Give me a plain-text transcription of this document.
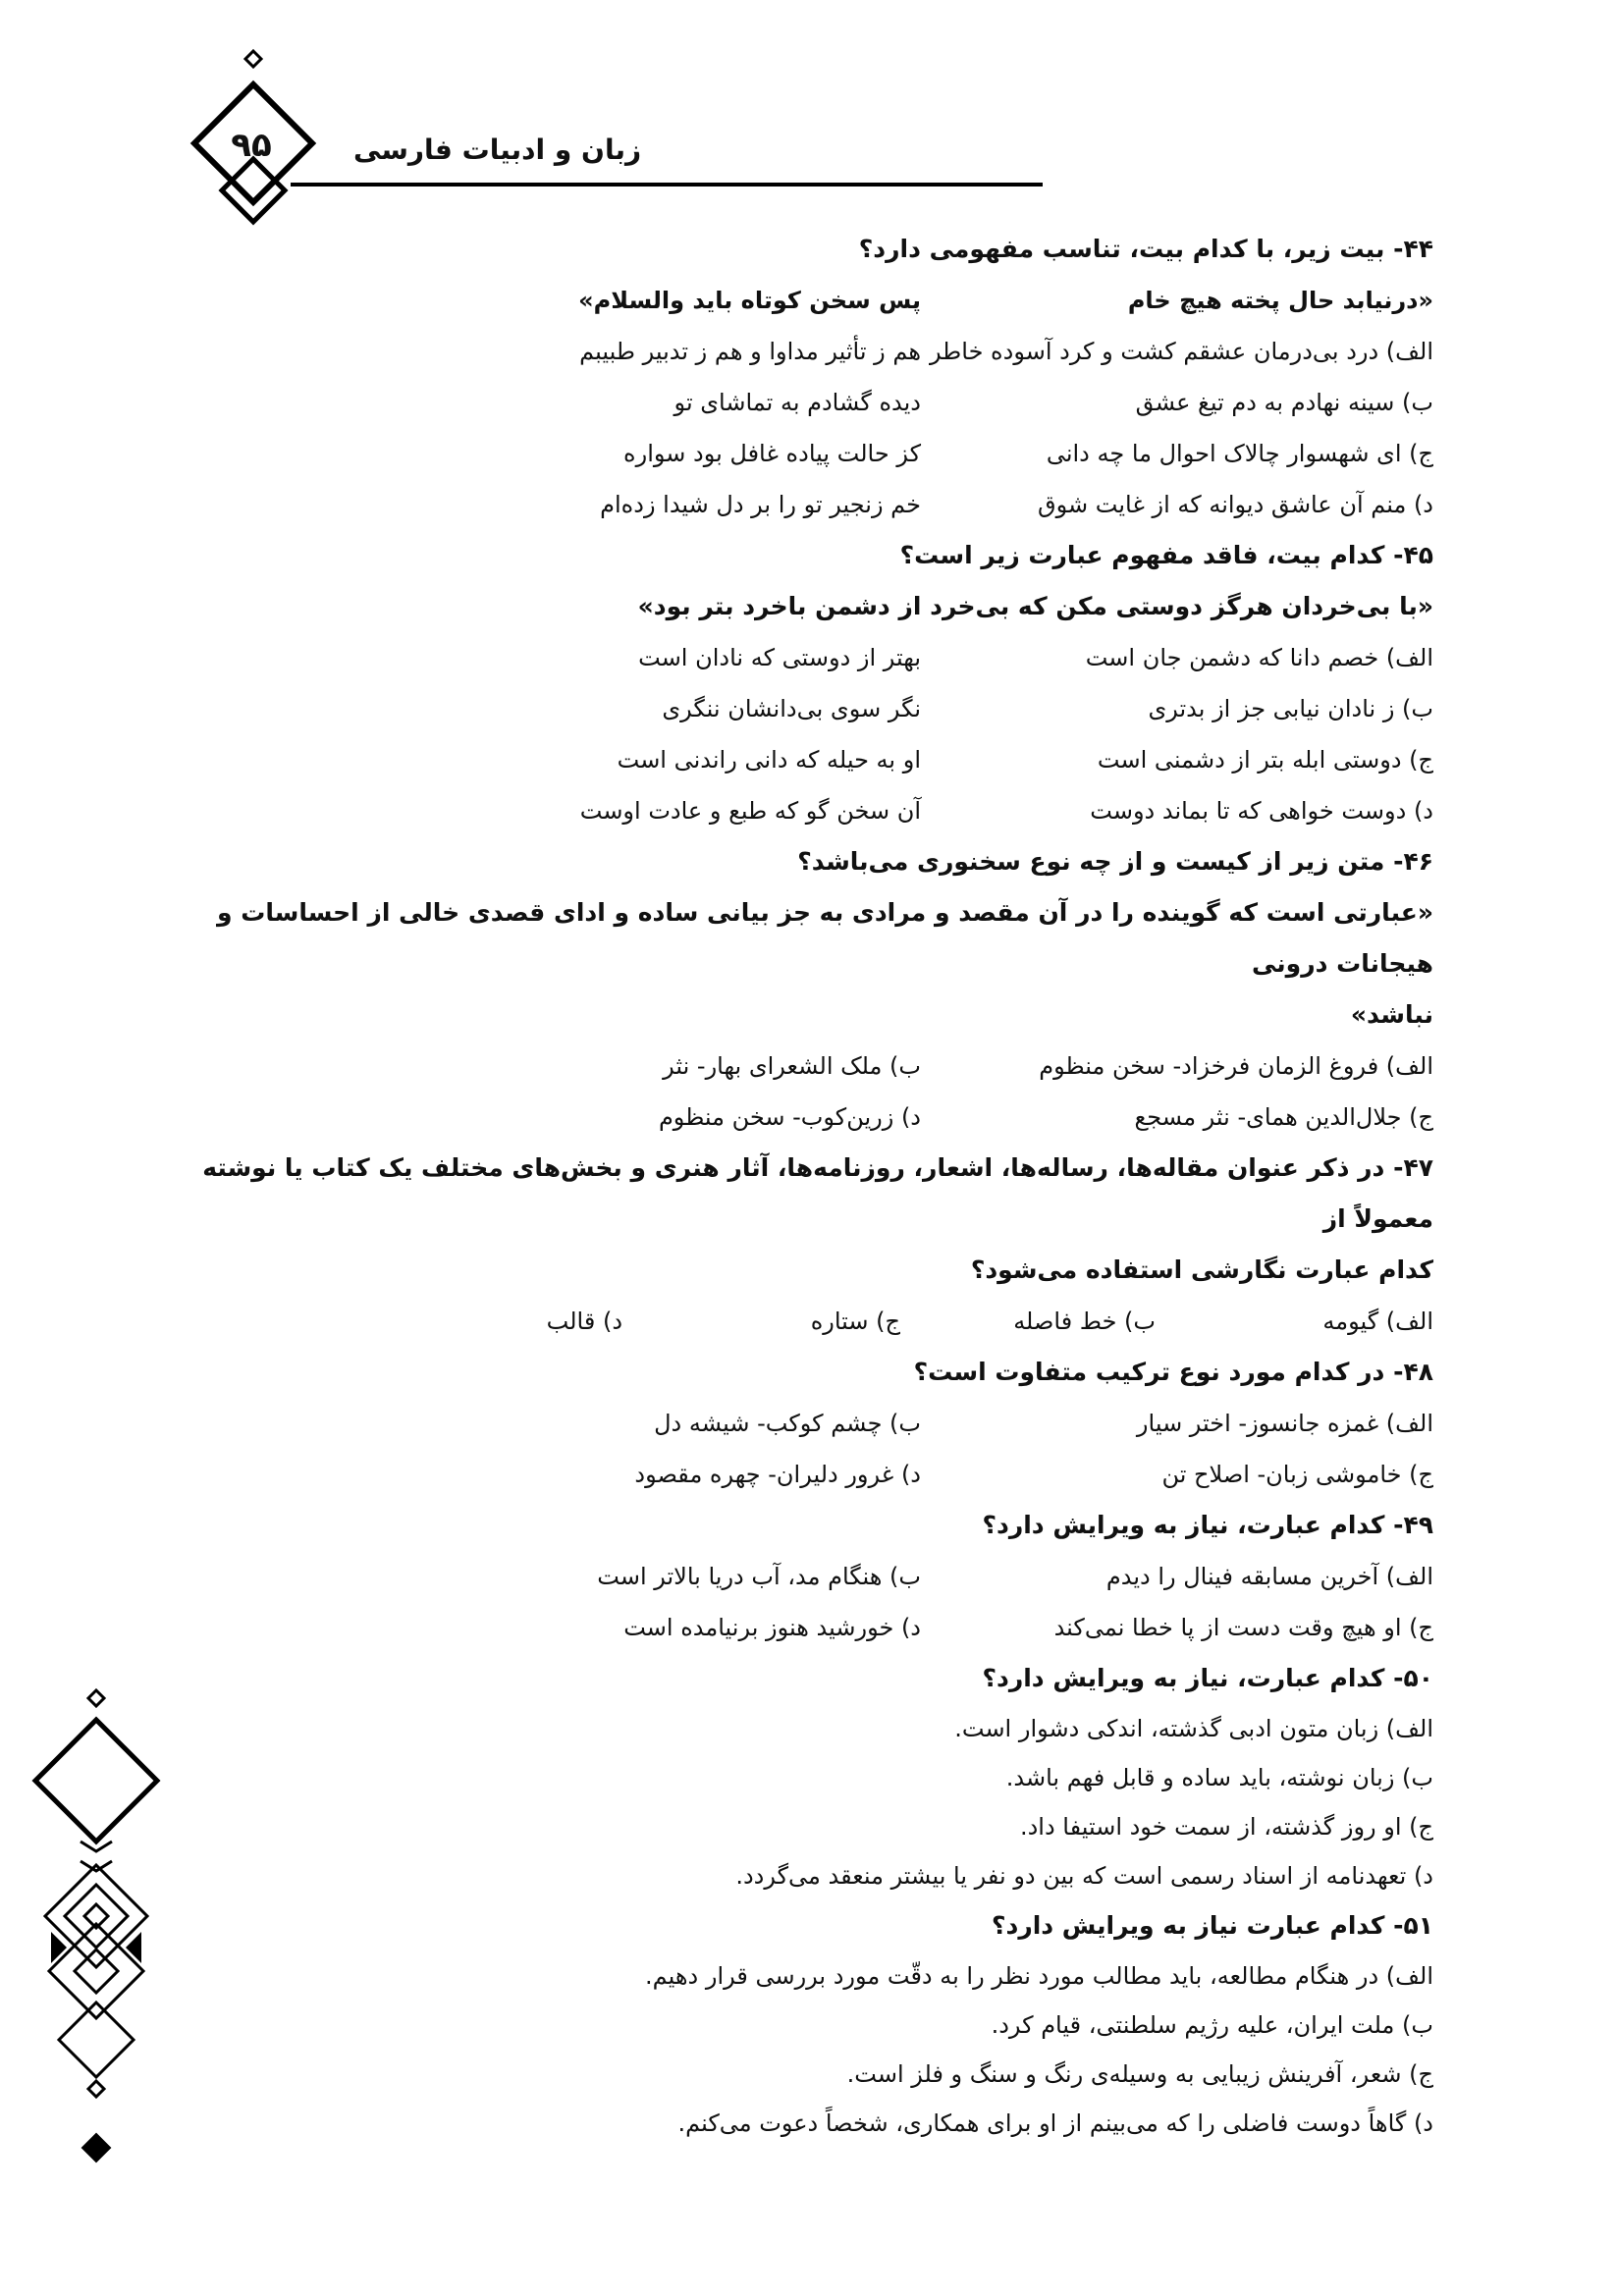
۹۵	زبان و ادبیات فارسی
۴۴- بیت زیر، با کدام بیت، تناسب مفهومی دارد؟
«درنیابد حال پخته هیچ خام
پس سخن کوتاه باید والسلام»
الف) درد بی‌درمان عشقم کشت و کرد آسوده خاطر
هم ز تأثیر مداوا و هم ز تدبیر طبیبم
ب) سینه نهادم به دم تیغ عشق
دیده گشادم به تماشای تو
ج) ای شهسوار چالاک احوال ما چه دانی
کز حالت پیاده غافل بود سواره
د) منم آن عاشق دیوانه که از غایت شوق
خم زنجیر تو را بر دل شیدا زده‌ام
۴۵- کدام بیت، فاقد مفهوم عبارت زیر است؟
«با بی‌خردان هرگز دوستی مکن که بی‌خرد از دشمن باخرد بتر بود»
الف) خصم دانا که دشمن جان است
بهتر از دوستی که نادان است
ب) ز نادان نیابی جز از بدتری
نگر سوی بی‌دانشان ننگری
ج) دوستی ابله بتر از دشمنی است
او به حیله که دانی راندنی است
د) دوست خواهی که تا بماند دوست
آن سخن گو که طبع و عادت اوست
۴۶- متن زیر از کیست و از چه نوع سخنوری می‌باشد؟
«عبارتی است که گوینده را در آن مقصد و مرادی به جز بیانی ساده و ادای قصدی خالی از احساسات و هیجانات درونی
نباشد»
الف) فروغ الزمان فرخزاد- سخن منظوم
ب) ملک الشعرای بهار- نثر
ج) جلال‌الدین همای- نثر مسجع
د) زرین‌کوب- سخن منظوم
۴۷- در ذکر عنوان مقاله‌ها، رساله‌ها، اشعار، روزنامه‌ها، آثار هنری و بخش‌های مختلف یک کتاب یا نوشته معمولاً از
کدام عبارت نگارشی استفاده می‌شود؟
الف) گیومه
ب) خط فاصله
ج) ستاره
د) قالب
۴۸- در کدام مورد نوع ترکیب متفاوت است؟
الف) غمزه جانسوز- اختر سیار
ب) چشم کوکب- شیشه دل
ج) خاموشی زبان- اصلاح تن
د) غرور دلیران- چهره مقصود
۴۹- کدام عبارت، نیاز به ویرایش دارد؟
الف) آخرین مسابقه فینال را دیدم
ب) هنگام مد، آب دریا بالاتر است
ج) او هیچ وقت دست از پا خطا نمی‌کند
د) خورشید هنوز برنیامده است
۵۰- کدام عبارت، نیاز به ویرایش دارد؟
الف) زبان متون ادبی گذشته، اندکی دشوار است.
ب) زبان نوشته، باید ساده و قابل فهم باشد.
ج) او روز گذشته، از سمت خود استیفا داد.
د) تعهدنامه از اسناد رسمی است که بین دو نفر یا بیشتر منعقد می‌گردد.
۵۱- کدام عبارت نیاز به ویرایش دارد؟
الف) در هنگام مطالعه، باید مطالب مورد نظر را به دقّت مورد بررسی قرار دهیم.
ب) ملت ایران، علیه رژیم سلطنتی، قیام کرد.
ج) شعر، آفرینش زیبایی به وسیله‌ی رنگ و سنگ و فلز است.
د) گاهاً دوست فاضلی را که می‌بینم از او برای همکاری، شخصاً دعوت می‌کنم.
